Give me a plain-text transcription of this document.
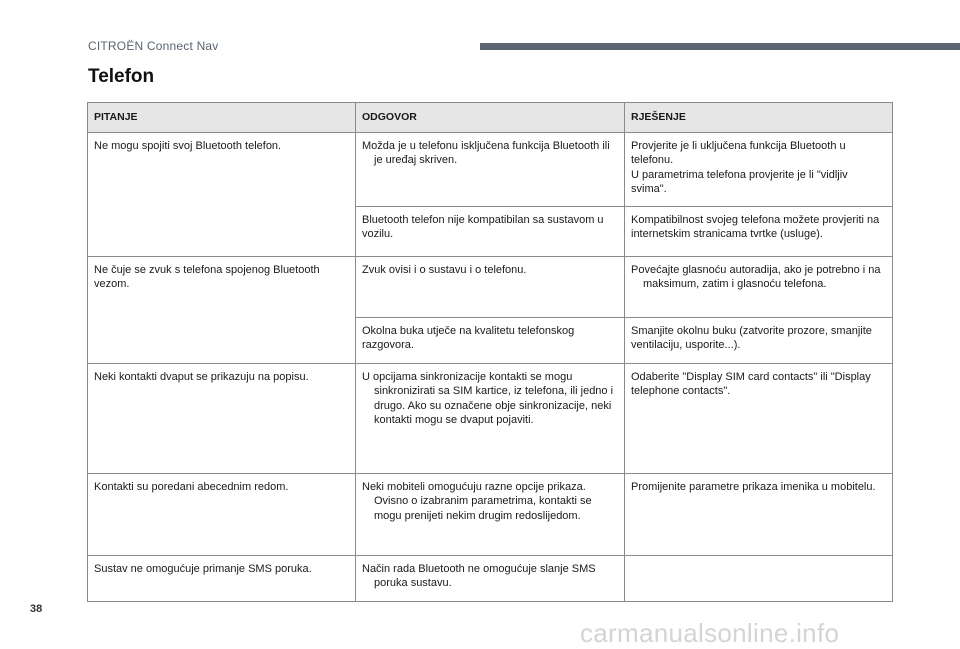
CITROËN Connect Nav
Telefon
PITANJE	ODGOVOR	RJEŠENJE
Ne mogu spojiti svoj Bluetooth telefon.	Možda je u telefonu isključena funkcija Bluetooth ili je uređaj skriven.	Provjerite je li uključena funkcija Bluetooth u telefonu.
U parametrima telefona provjerite je li "vidljiv svima".

	Bluetooth telefon nije kompatibilan sa sustavom u vozilu.	Kompatibilnost svojeg telefona možete provjeriti na internetskim stranicama tvrtke (usluge).

Ne čuje se zvuk s telefona spojenog Bluetooth vezom.	Zvuk ovisi i o sustavu i o telefonu.	Povećajte glasnoću autoradija, ako je potrebno i na maksimum, zatim i glasnoću telefona.

	Okolna buka utječe na kvalitetu telefonskog razgovora.	Smanjite okolnu buku (zatvorite prozore, smanjite ventilaciju, usporite...).

Neki kontakti dvaput se prikazuju na popisu.	U opcijama sinkronizacije kontakti se mogu sinkronizirati sa SIM kartice, iz telefona, ili jedno i drugo. Ako su označene obje sinkronizacije, neki kontakti mogu se dvaput pojaviti.	Odaberite "Display SIM card contacts" ili "Display telephone contacts".

Kontakti su poredani abecednim redom.	Neki mobiteli omogućuju razne opcije prikaza. Ovisno o izabranim parametrima, kontakti se mogu prenijeti nekim drugim redoslijedom.	Promijenite parametre prikaza imenika u mobitelu.

Sustav ne omogućuje primanje SMS poruka.	Način rada Bluetooth ne omogućuje slanje SMS poruka sustavu.	

38
carmanualsonline.info
